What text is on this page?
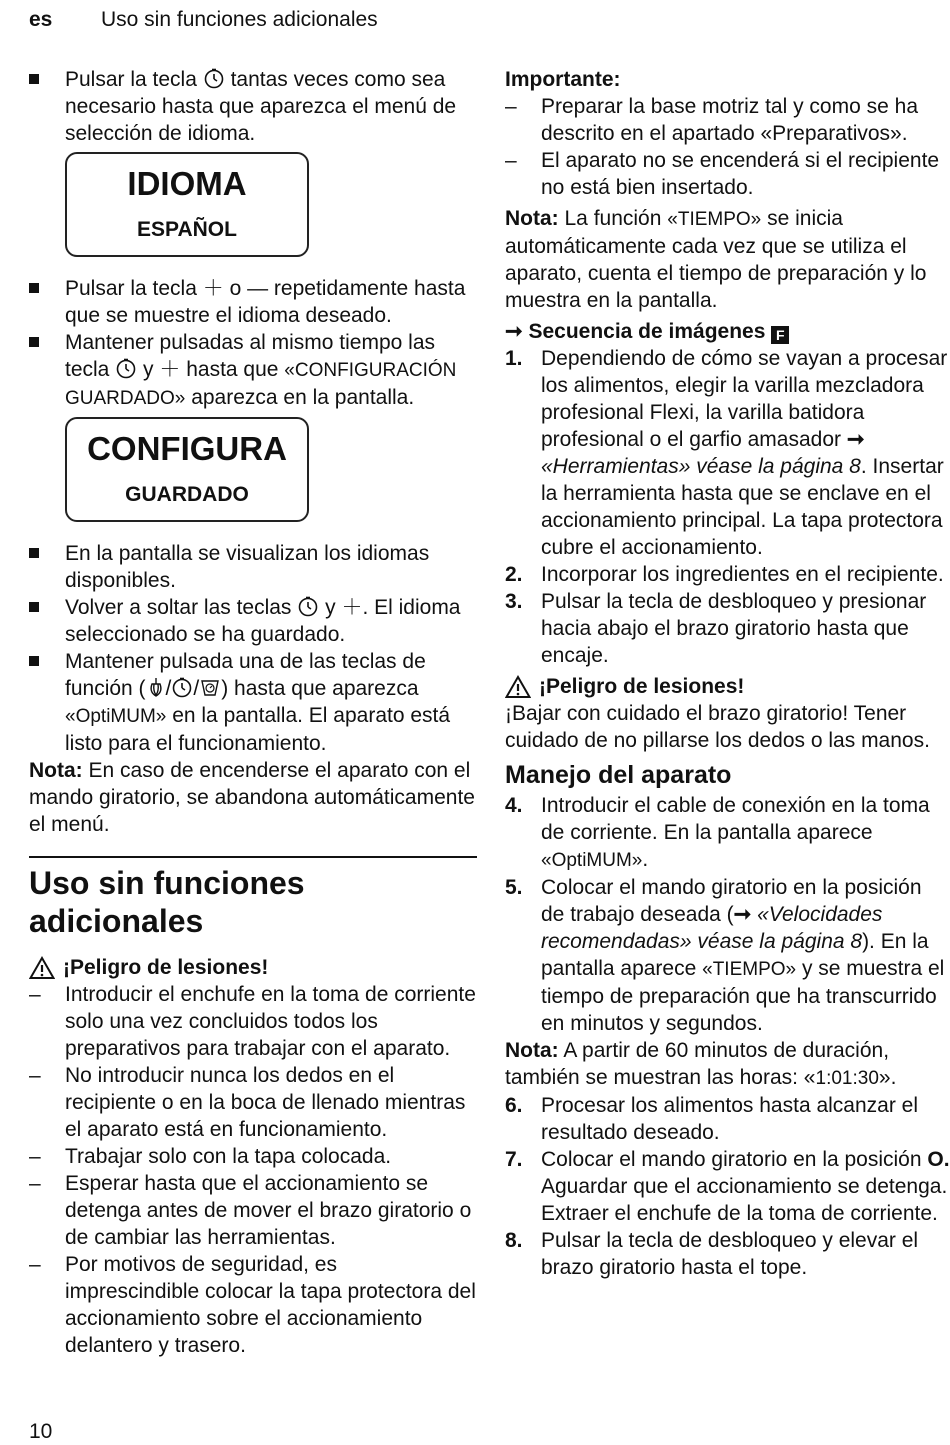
es Uso sin funciones adicionales
Pulsar la tecla  tantas veces como sea necesario hasta que aparezca el menú de selección de idioma.
IDIOMA
ESPAÑOL
Pulsar la tecla ＋ o — repetidamente hasta que se muestre el idioma deseado.
Mantener pulsadas al mismo tiempo las tecla  y ＋ hasta que «CONFIGURACIÓN GUARDADO» aparezca en la pantalla.
CONFIGURA
GUARDADO
En la pantalla se visualizan los idiomas disponibles.
Volver a soltar las teclas  y ＋. El idioma seleccionado se ha guardado.
Mantener pulsada una de las teclas de función ( / / ) hasta que aparezca «OptiMUM» en la pantalla. El aparato está listo para el funcionamiento.
Nota: En caso de encenderse el aparato con el mando giratorio, se abandona automáticamente el menú.
Uso sin funciones adicionales
¡Peligro de lesiones!
– Introducir el enchufe en la toma de corriente solo una vez concluidos todos los preparativos para trabajar con el aparato.
– No introducir nunca los dedos en el recipiente o en la boca de llenado mientras el aparato está en funcionamiento.
– Trabajar solo con la tapa colocada.
– Esperar hasta que el accionamiento se detenga antes de mover el brazo giratorio o de cambiar las herramientas.
– Por motivos de seguridad, es imprescindible colocar la tapa protectora del accionamiento sobre el accionamiento delantero y trasero.
Importante:
– Preparar la base motriz tal y como se ha descrito en el apartado «Preparativos».
– El aparato no se encenderá si el recipiente no está bien insertado.
Nota: La función «TIEMPO» se inicia automáticamente cada vez que se utiliza el aparato, cuenta el tiempo de preparación y lo muestra en la pantalla.
➞ Secuencia de imágenes F
1. Dependiendo de cómo se vayan a procesar los alimentos, elegir la varilla mezcladora profesional Flexi, la varilla batidora profesional o el garfio amasador ➞ «Herramientas» véase la página 8. Insertar la herramienta hasta que se enclave en el accionamiento principal. La tapa protectora cubre el accionamiento.
2. Incorporar los ingredientes en el recipiente.
3. Pulsar la tecla de desbloqueo y presionar hacia abajo el brazo giratorio hasta que encaje.
¡Peligro de lesiones!
¡Bajar con cuidado el brazo giratorio! Tener cuidado de no pillarse los dedos o las manos.
Manejo del aparato
4. Introducir el cable de conexión en la toma de corriente. En la pantalla aparece «OptiMUM».
5. Colocar el mando giratorio en la posición de trabajo deseada (➞ «Velocidades recomendadas» véase la página 8). En la pantalla aparece «TIEMPO» y se muestra el tiempo de preparación que ha transcurrido en minutos y segundos.
Nota: A partir de 60 minutos de duración, también se muestran las horas: «1:01:30».
6. Procesar los alimentos hasta alcanzar el resultado deseado.
7. Colocar el mando giratorio en la posición O. Aguardar que el accionamiento se detenga. Extraer el enchufe de la toma de corriente.
8. Pulsar la tecla de desbloqueo y elevar el brazo giratorio hasta el tope.
10
